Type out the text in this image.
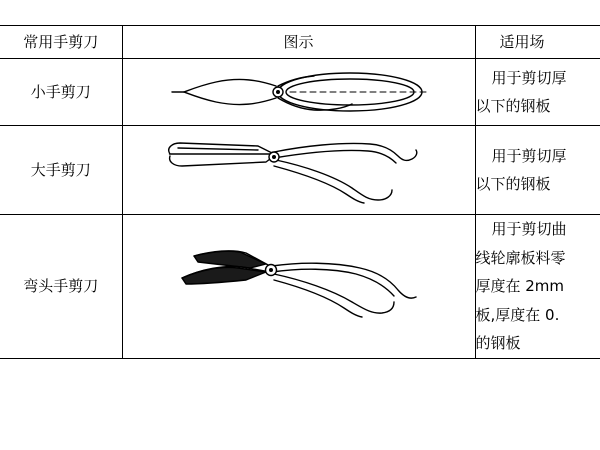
常用手剪刀	图示	适用场
小手剪刀		用于剪切厚
以下的钢板

大手剪刀		用于剪切厚
以下的钢板

弯头手剪刀		用于剪切曲
线轮廓板料零
厚度在 2mm
板,厚度在 0.
的钢板
